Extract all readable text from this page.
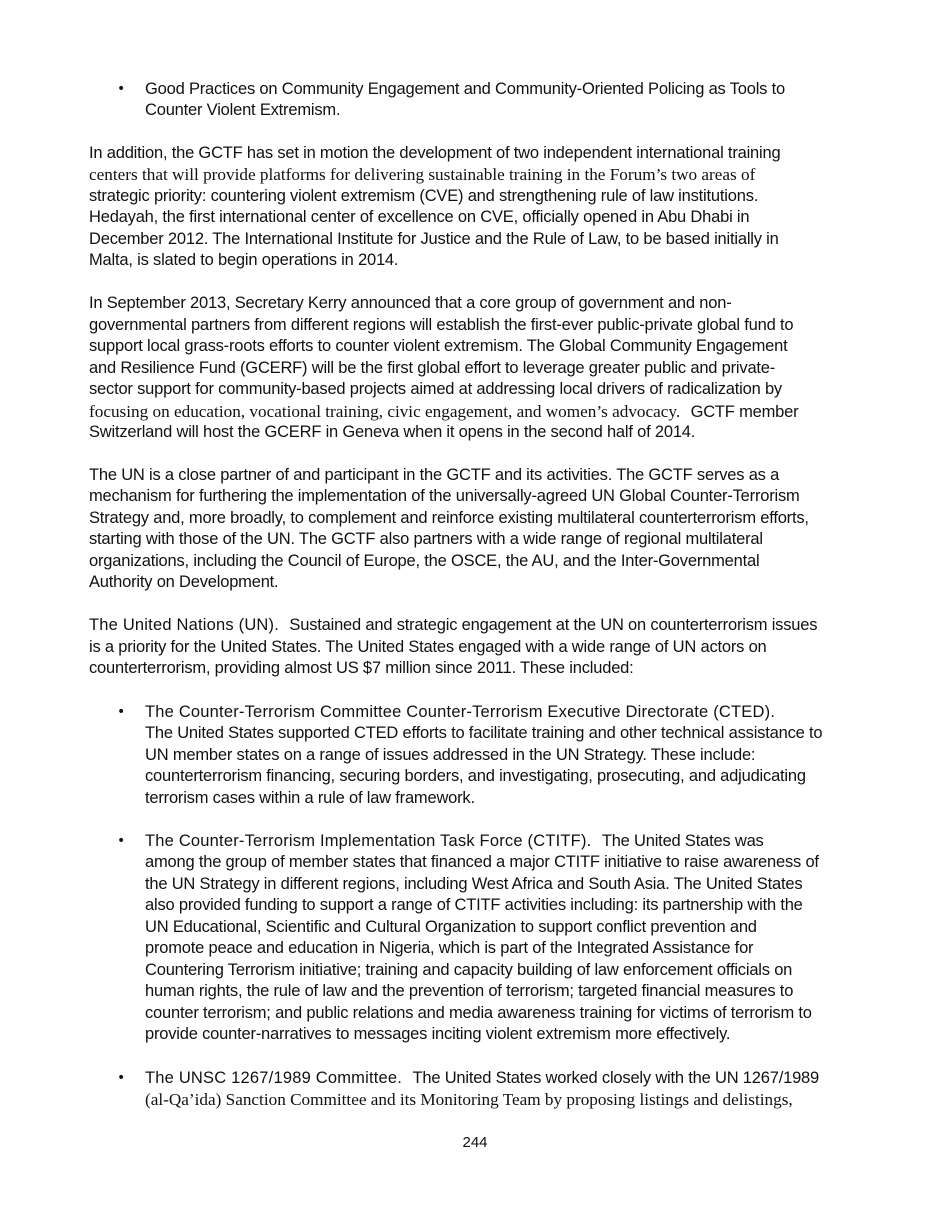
• Good Practices on Community Engagement and Community-Oriented Policing as Tools to
Counter Violent Extremism.
In addition, the GCTF has set in motion the development of two independent international training
centers that will provide platforms for delivering sustainable training in the Forum’s two areas of
strategic priority: countering violent extremism (CVE) and strengthening rule of law institutions.
Hedayah, the first international center of excellence on CVE, officially opened in Abu Dhabi in
December 2012. The International Institute for Justice and the Rule of Law, to be based initially in
Malta, is slated to begin operations in 2014.
In September 2013, Secretary Kerry announced that a core group of government and non-
governmental partners from different regions will establish the first-ever public-private global fund to
support local grass-roots efforts to counter violent extremism. The Global Community Engagement
and Resilience Fund (GCERF) will be the first global effort to leverage greater public and private-
sector support for community-based projects aimed at addressing local drivers of radicalization by
focusing on education, vocational training, civic engagement, and women’s advocacy. GCTF member
Switzerland will host the GCERF in Geneva when it opens in the second half of 2014.
The UN is a close partner of and participant in the GCTF and its activities. The GCTF serves as a
mechanism for furthering the implementation of the universally-agreed UN Global Counter-Terrorism
Strategy and, more broadly, to complement and reinforce existing multilateral counterterrorism efforts,
starting with those of the UN. The GCTF also partners with a wide range of regional multilateral
organizations, including the Council of Europe, the OSCE, the AU, and the Inter-Governmental
Authority on Development.
The United Nations (UN). Sustained and strategic engagement at the UN on counterterrorism issues
is a priority for the United States. The United States engaged with a wide range of UN actors on
counterterrorism, providing almost US $7 million since 2011. These included:
• The Counter-Terrorism Committee Counter-Terrorism Executive Directorate (CTED).
The United States supported CTED efforts to facilitate training and other technical assistance to
UN member states on a range of issues addressed in the UN Strategy. These include:
counterterrorism financing, securing borders, and investigating, prosecuting, and adjudicating
terrorism cases within a rule of law framework.
• The Counter-Terrorism Implementation Task Force (CTITF). The United States was
among the group of member states that financed a major CTITF initiative to raise awareness of
the UN Strategy in different regions, including West Africa and South Asia. The United States
also provided funding to support a range of CTITF activities including: its partnership with the
UN Educational, Scientific and Cultural Organization to support conflict prevention and
promote peace and education in Nigeria, which is part of the Integrated Assistance for
Countering Terrorism initiative; training and capacity building of law enforcement officials on
human rights, the rule of law and the prevention of terrorism; targeted financial measures to
counter terrorism; and public relations and media awareness training for victims of terrorism to
provide counter-narratives to messages inciting violent extremism more effectively.
• The UNSC 1267/1989 Committee. The United States worked closely with the UN 1267/1989
(al-Qa’ida) Sanction Committee and its Monitoring Team by proposing listings and delistings,
244
